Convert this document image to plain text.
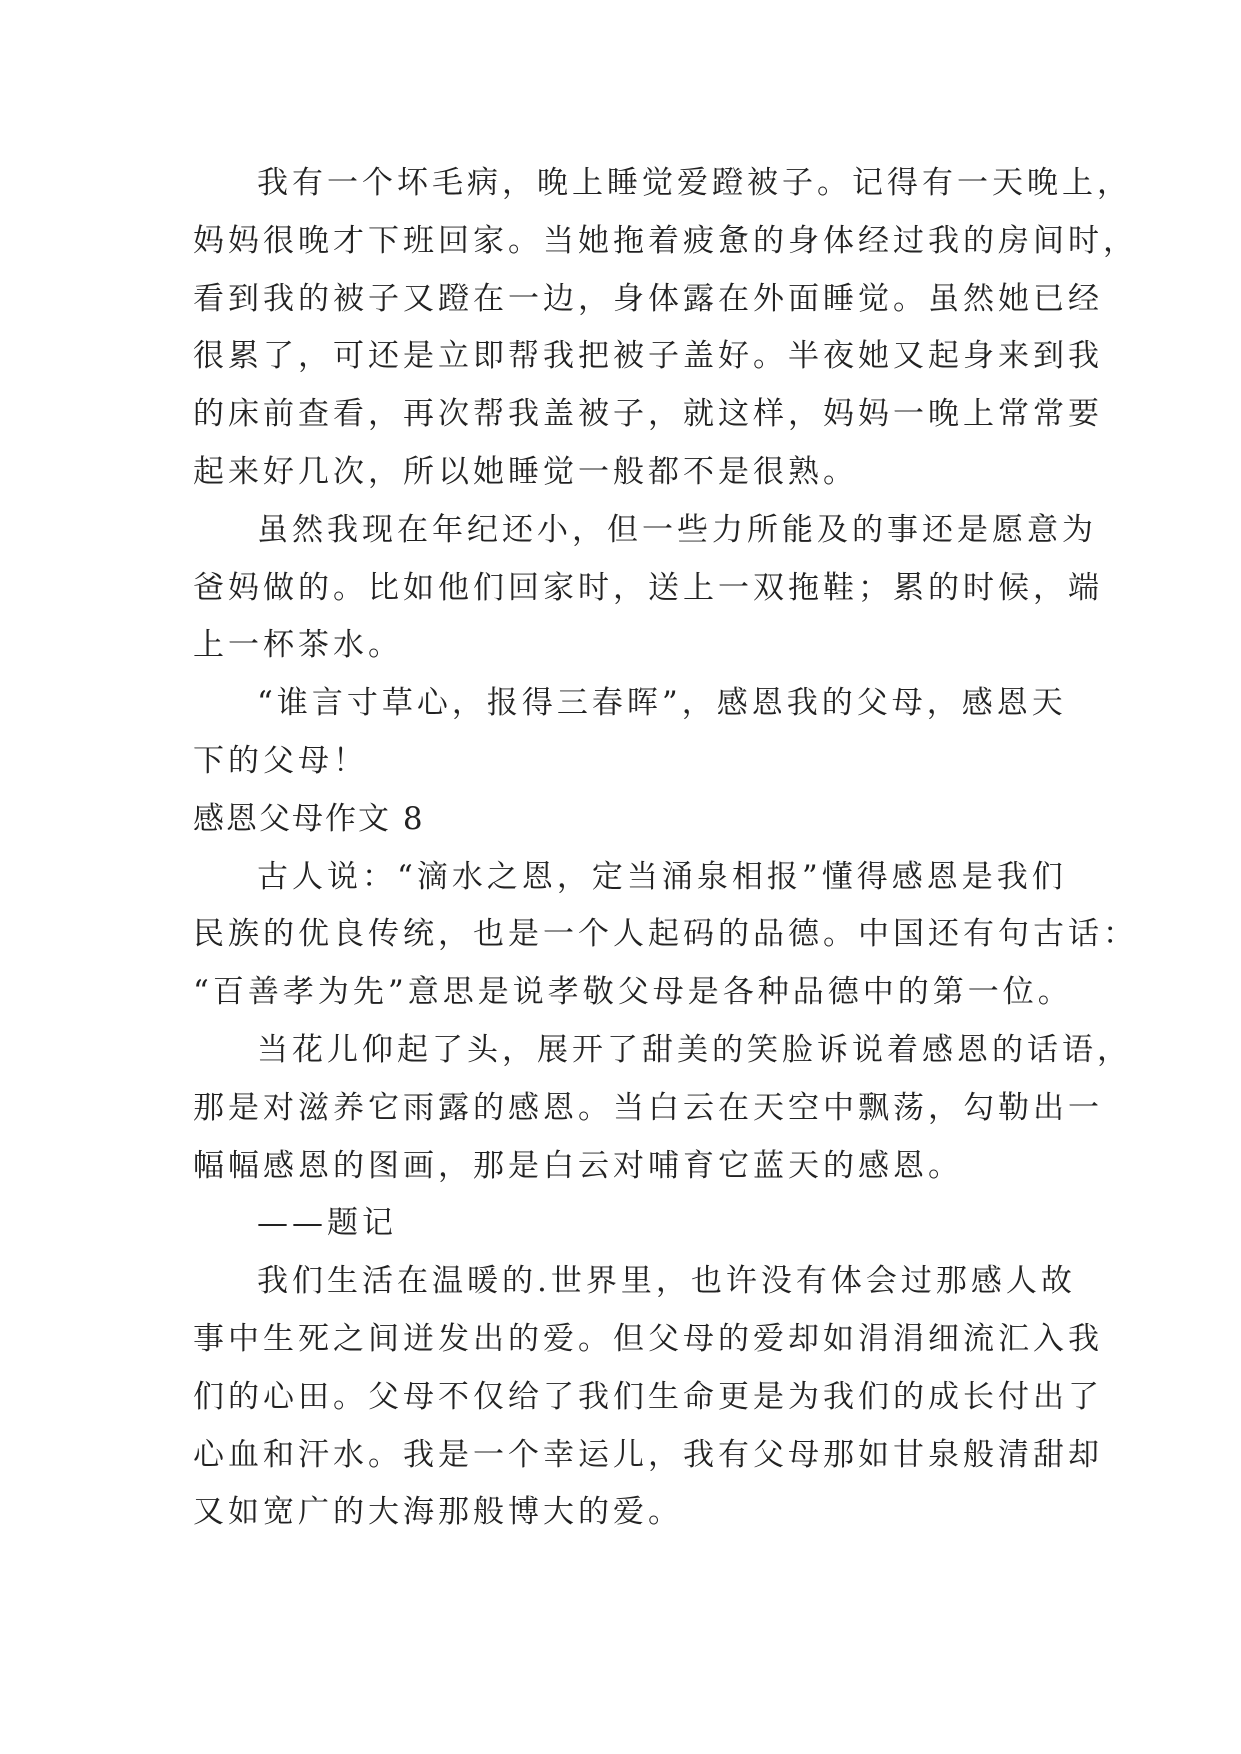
我有一个坏毛病，晚上睡觉爱蹬被子。记得有一天晚上，
妈妈很晚才下班回家。当她拖着疲惫的身体经过我的房间时，
看到我的被子又蹬在一边，身体露在外面睡觉。虽然她已经
很累了，可还是立即帮我把被子盖好。半夜她又起身来到我
的床前查看，再次帮我盖被子，就这样，妈妈一晚上常常要
起来好几次，所以她睡觉一般都不是很熟。
虽然我现在年纪还小，但一些力所能及的事还是愿意为
爸妈做的。比如他们回家时，送上一双拖鞋；累的时候，端
上一杯茶水。
“谁言寸草心，报得三春晖”，感恩我的父母，感恩天
下的父母！
感恩父母作文 8
古人说：“滴水之恩，定当涌泉相报”懂得感恩是我们
民族的优良传统，也是一个人起码的品德。中国还有句古话：
“百善孝为先”意思是说孝敬父母是各种品德中的第一位。
当花儿仰起了头，展开了甜美的笑脸诉说着感恩的话语，
那是对滋养它雨露的感恩。当白云在天空中飘荡，勾勒出一
幅幅感恩的图画，那是白云对哺育它蓝天的感恩。
——题记
我们生活在温暖的.世界里，也许没有体会过那感人故
事中生死之间迸发出的爱。但父母的爱却如涓涓细流汇入我
们的心田。父母不仅给了我们生命更是为我们的成长付出了
心血和汗水。我是一个幸运儿，我有父母那如甘泉般清甜却
又如宽广的大海那般博大的爱。
